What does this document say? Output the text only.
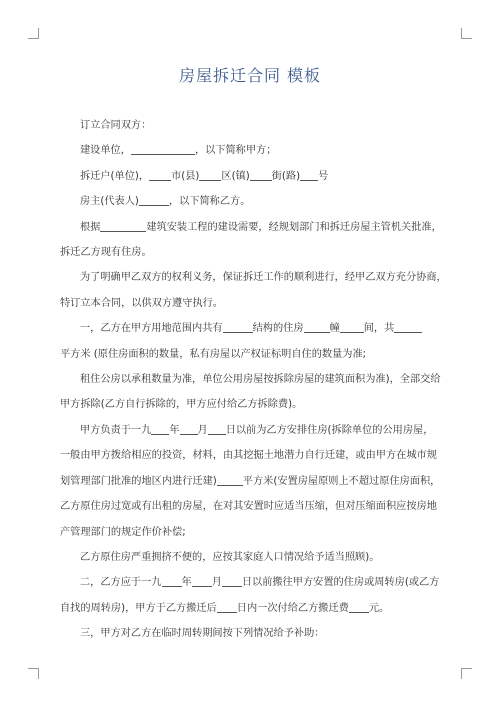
房屋拆迁合同 模板

订立合同双方：

建设单位，	，以下简称甲方；

拆迁户(单位)， 市(县) 区(镇) 街(路) 号

房主(代表人)	，以下简称乙方。

根据	建筑安装工程的建设需要，经规划部门和拆迁房屋主管机关批准，

拆迁乙方现有住房。

为了明确甲乙双方的权利义务，保证拆迁工作的顺利进行，经甲乙双方充分协商，

特订立本合同，以供双方遵守执行。

一，乙方在甲方用地范围内共有	结构的住房	幢 间，共

平方米 (原住房面积的数量，私有房屋以产权证标明自住的数量为准;

租住公房以承租数量为准，单位公用房屋按拆除房屋的建筑面积为准)，全部交给

甲方拆除(乙方自行拆除的，甲方应付给乙方拆除费)。

甲方负责于一九 年 月 日以前为乙方安排住房(拆除单位的公用房屋，

一般由甲方拨给相应的投资，材料，由其挖掘土地潜力自行迁建，或由甲方在城市规

划管理部门批准的地区内进行迁建)	平方米(安置房屋原则上不超过原住房面积，

乙方原住房过宽或有出租的房屋，在对其安置时应适当压缩，但对压缩面积应按房地

产管理部门的规定作价补偿;

乙方原住房严重拥挤不便的，应按其家庭人口情况给予适当照顾)。

二，乙方应于一九 年 月 日以前搬往甲方安置的住房或周转房(或乙方

自找的周转房)，甲方于乙方搬迁后 日内一次付给乙方搬迁费 元。

三，甲方对乙方在临时周转期间按下列情况给予补助：
